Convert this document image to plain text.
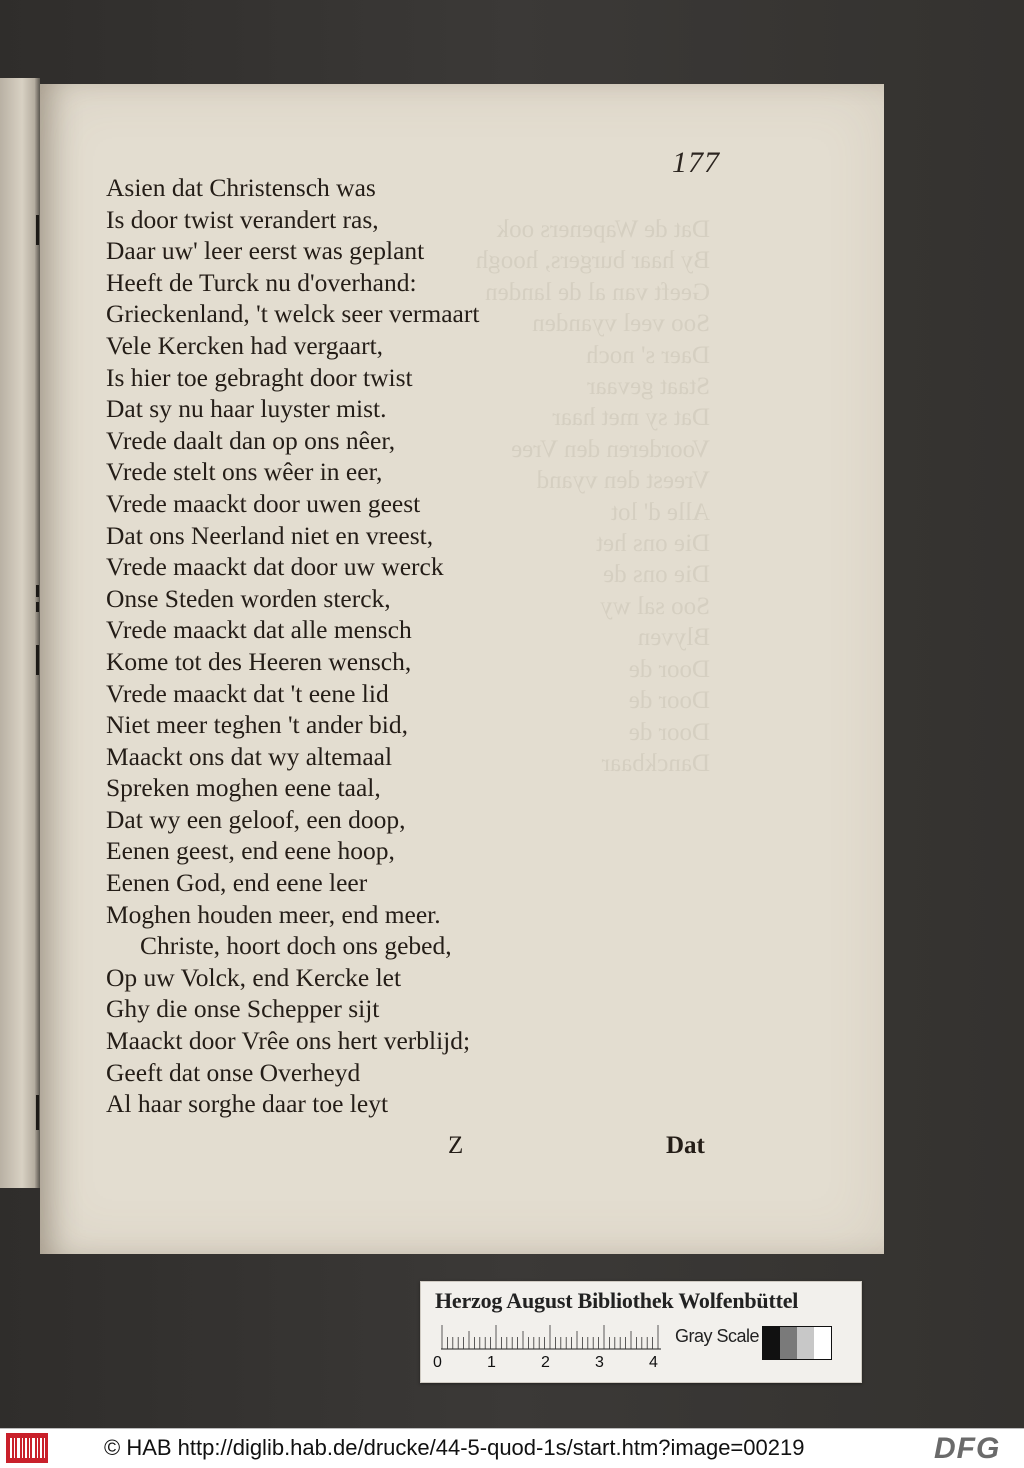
Dat de Wapeners ook
By haar burgers, hoogh
Geeft van al de landen
Soo veel vyanden
Daer s' noch
Staat gevaar
Dat sy met haar
Voorderen den Vree
Vreest den vyand
Alle d' lot
Die ons het
Die ons de
Soo sal wy
Blyven
Door de
Door de
Door de
Danckbaar
177
Asien dat Christensch was
Is door twist verandert ras,
Daar uw' leer eerst was geplant
Heeft de Turck nu d'overhand:
Grieckenland, 't welck seer vermaart
Vele Kercken had vergaart,
Is hier toe gebraght door twist
Dat sy nu haar luyster mist.
Vrede daalt dan op ons nêer,
Vrede stelt ons wêer in eer,
Vrede maackt door uwen geest
Dat ons Neerland niet en vreest,
Vrede maackt dat door uw werck
Onse Steden worden sterck,
Vrede maackt dat alle mensch
Kome tot des Heeren wensch,
Vrede maackt dat 't eene lid
Niet meer teghen 't ander bid,
Maackt ons dat wy altemaal
Spreken moghen eene taal,
Dat wy een geloof, een doop,
Eenen geest, end eene hoop,
Eenen God, end eene leer
Moghen houden meer, end meer.
Christe, hoort doch ons gebed,
Op uw Volck, end Kercke let
Ghy die onse Schepper sijt
Maackt door Vrêe ons hert verblijd;
Geeft dat onse Overheyd
Al haar sorghe daar toe leyt
Z	Dat
Herzog August Bibliothek Wolfenbüttel
0	1	2	3	4
Gray Scale
© HAB http://diglib.hab.de/drucke/44-5-quod-1s/start.htm?image=00219	DFG
